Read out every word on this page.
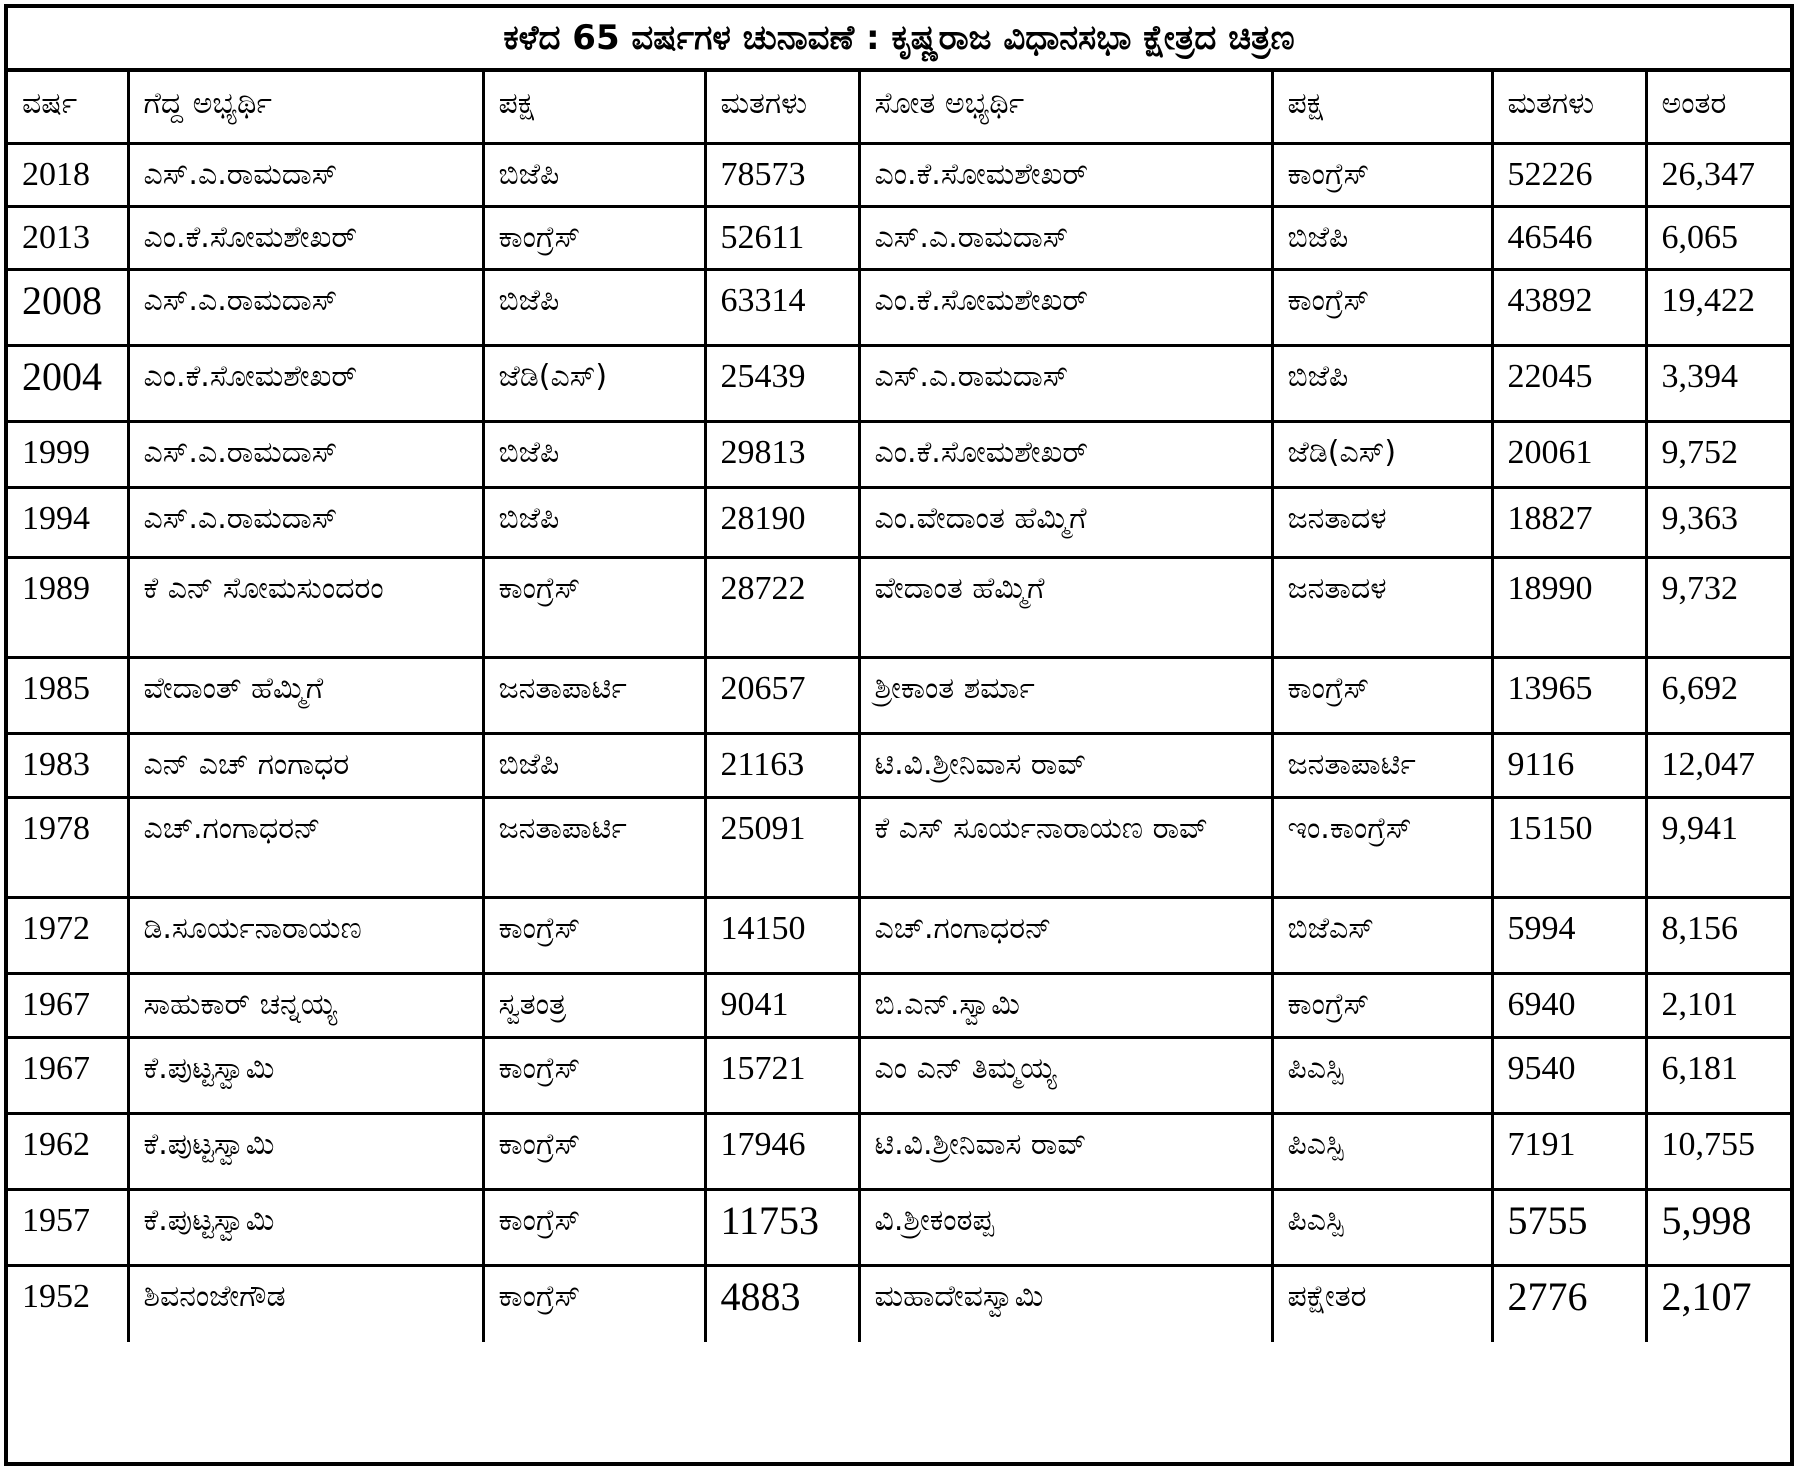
ಕಳೆದ 65 ವರ್ಷಗಳ ಚುನಾವಣೆ : ಕೃಷ್ಣರಾಜ ವಿಧಾನಸಭಾ ಕ್ಷೇತ್ರದ ಚಿತ್ರಣ
ವರ್ಷ	ಗೆದ್ದ ಅಭ್ಯರ್ಥಿ	ಪಕ್ಷ	ಮತಗಳು	ಸೋತ ಅಭ್ಯರ್ಥಿ	ಪಕ್ಷ	ಮತಗಳು	ಅಂತರ
2018	ಎಸ್.ಎ.ರಾಮದಾಸ್	ಬಿಜೆಪಿ	78573	ಎಂ.ಕೆ.ಸೋಮಶೇಖರ್	ಕಾಂಗ್ರೆಸ್	52226	26,347
2013	ಎಂ.ಕೆ.ಸೋಮಶೇಖರ್	ಕಾಂಗ್ರೆಸ್	52611	ಎಸ್.ಎ.ರಾಮದಾಸ್	ಬಿಜೆಪಿ	46546	6,065
2008	ಎಸ್.ಎ.ರಾಮದಾಸ್	ಬಿಜೆಪಿ	63314	ಎಂ.ಕೆ.ಸೋಮಶೇಖರ್	ಕಾಂಗ್ರೆಸ್	43892	19,422
2004	ಎಂ.ಕೆ.ಸೋಮಶೇಖರ್	ಜೆಡಿ(ಎಸ್)	25439	ಎಸ್.ಎ.ರಾಮದಾಸ್	ಬಿಜೆಪಿ	22045	3,394
1999	ಎಸ್.ಎ.ರಾಮದಾಸ್	ಬಿಜೆಪಿ	29813	ಎಂ.ಕೆ.ಸೋಮಶೇಖರ್	ಜೆಡಿ(ಎಸ್)	20061	9,752
1994	ಎಸ್.ಎ.ರಾಮದಾಸ್	ಬಿಜೆಪಿ	28190	ಎಂ.ವೇದಾಂತ ಹೆಮ್ಮಿಗೆ	ಜನತಾದಳ	18827	9,363
1989	ಕೆ ಎನ್ ಸೋಮಸುಂದರಂ	ಕಾಂಗ್ರೆಸ್	28722	ವೇದಾಂತ ಹೆಮ್ಮಿಗೆ	ಜನತಾದಳ	18990	9,732
1985	ವೇದಾಂತ್ ಹೆಮ್ಮಿಗೆ	ಜನತಾಪಾರ್ಟಿ	20657	ಶ್ರೀಕಾಂತ ಶರ್ಮಾ	ಕಾಂಗ್ರೆಸ್	13965	6,692
1983	ಎನ್ ಎಚ್ ಗಂಗಾಧರ	ಬಿಜೆಪಿ	21163	ಟಿ.ವಿ.ಶ್ರೀನಿವಾಸ ರಾವ್	ಜನತಾಪಾರ್ಟಿ	9116	12,047
1978	ಎಚ್.ಗಂಗಾಧರನ್	ಜನತಾಪಾರ್ಟಿ	25091	ಕೆ ಎಸ್ ಸೂರ್ಯನಾರಾಯಣ ರಾವ್	ಇಂ.ಕಾಂಗ್ರೆಸ್	15150	9,941
1972	ಡಿ.ಸೂರ್ಯನಾರಾಯಣ	ಕಾಂಗ್ರೆಸ್	14150	ಎಚ್.ಗಂಗಾಧರನ್	ಬಿಜೆಎಸ್	5994	8,156
1967	ಸಾಹುಕಾರ್ ಚನ್ನಯ್ಯ	ಸ್ವತಂತ್ರ	9041	ಬಿ.ಎನ್.ಸ್ವಾಮಿ	ಕಾಂಗ್ರೆಸ್	6940	2,101
1967	ಕೆ.ಪುಟ್ಟಸ್ವಾಮಿ	ಕಾಂಗ್ರೆಸ್	15721	ಎಂ ಎನ್ ತಿಮ್ಮಯ್ಯ	ಪಿಎಸ್ಪಿ	9540	6,181
1962	ಕೆ.ಪುಟ್ಟಸ್ವಾಮಿ	ಕಾಂಗ್ರೆಸ್	17946	ಟಿ.ವಿ.ಶ್ರೀನಿವಾಸ ರಾವ್	ಪಿಎಸ್ಪಿ	7191	10,755
1957	ಕೆ.ಪುಟ್ಟಸ್ವಾಮಿ	ಕಾಂಗ್ರೆಸ್	11753	ವಿ.ಶ್ರೀಕಂಠಪ್ಪ	ಪಿಎಸ್ಪಿ	5755	5,998
1952	ಶಿವನಂಜೇಗೌಡ	ಕಾಂಗ್ರೆಸ್	4883	ಮಹಾದೇವಸ್ವಾಮಿ	ಪಕ್ಷೇತರ	2776	2,107
